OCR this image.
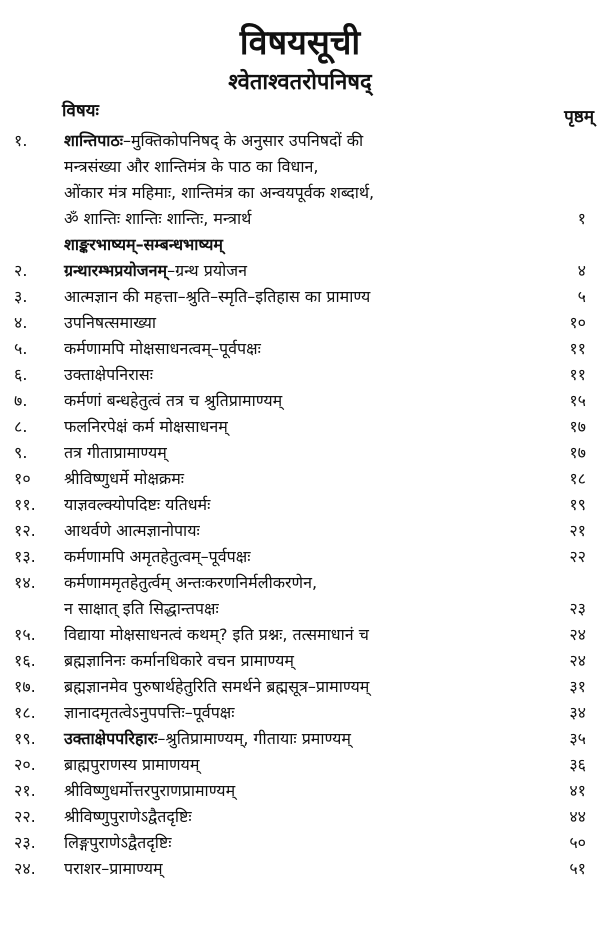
विषयसूची
श्वेताश्वतरोपनिषद्
विषयः	पृष्ठम्
१. शान्तिपाठः–मुक्तिकोपनिषद् के अनुसार उपनिषदों की
मन्त्रसंख्या और शान्तिमंत्र के पाठ का विधान,
ओंकार मंत्र महिमाः, शान्तिमंत्र का अन्वयपूर्वक शब्दार्थ,
ॐ शान्तिः शान्तिः शान्तिः, मन्त्रार्थ	१
शाङ्करभाष्यम्–सम्बन्धभाष्यम्
२. ग्रन्थारम्भप्रयोजनम्–ग्रन्थ प्रयोजन	४
३. आत्मज्ञान की महत्ता–श्रुति–स्मृति–इतिहास का प्रामाण्य	५
४. उपनिषत्समाख्या	१०
५. कर्मणामपि मोक्षसाधनत्वम्–पूर्वपक्षः	११
६. उक्ताक्षेपनिरासः	११
७. कर्मणां बन्धहेतुत्वं तत्र च श्रुतिप्रामाण्यम्	१५
८. फलनिरपेक्षं कर्म मोक्षसाधनम्	१७
९. तत्र गीताप्रामाण्यम्	१७
१० श्रीविष्णुधर्मे मोक्षक्रमः	१८
११. याज्ञवल्क्योपदिष्टः यतिधर्मः	१९
१२. आथर्वणे आत्मज्ञानोपायः	२१
१३. कर्मणामपि अमृतहेतुत्वम्–पूर्वपक्षः	२२
१४. कर्मणाममृतहेतुर्त्वम् अन्तःकरणनिर्मलीकरणेन,
न साक्षात् इति सिद्धान्तपक्षः	२३
१५. विद्याया मोक्षसाधनत्वं कथम्? इति प्रश्नः, तत्समाधानं च	२४
१६. ब्रह्मज्ञानिनः कर्मानधिकारे वचन प्रामाण्यम्	२४
१७. ब्रह्मज्ञानमेव पुरुषार्थहेतुरिति समर्थने ब्रह्मसूत्र–प्रामाण्यम्	३१
१८. ज्ञानादमृतत्वेऽनुपपत्तिः–पूर्वपक्षः	३४
१९. उक्ताक्षेपपरिहारः–श्रुतिप्रामाण्यम्, गीतायाः प्रमाण्यम्	३५
२०. ब्राह्मपुराणस्य प्रामाणयम्	३६
२१. श्रीविष्णुधर्मोत्तरपुराणप्रामाण्यम्	४१
२२. श्रीविष्णुपुराणेऽद्वैतदृष्टिः	४४
२३. लिङ्गपुराणेऽद्वैतदृष्टिः	५०
२४. पराशर–प्रामाण्यम्	५१
